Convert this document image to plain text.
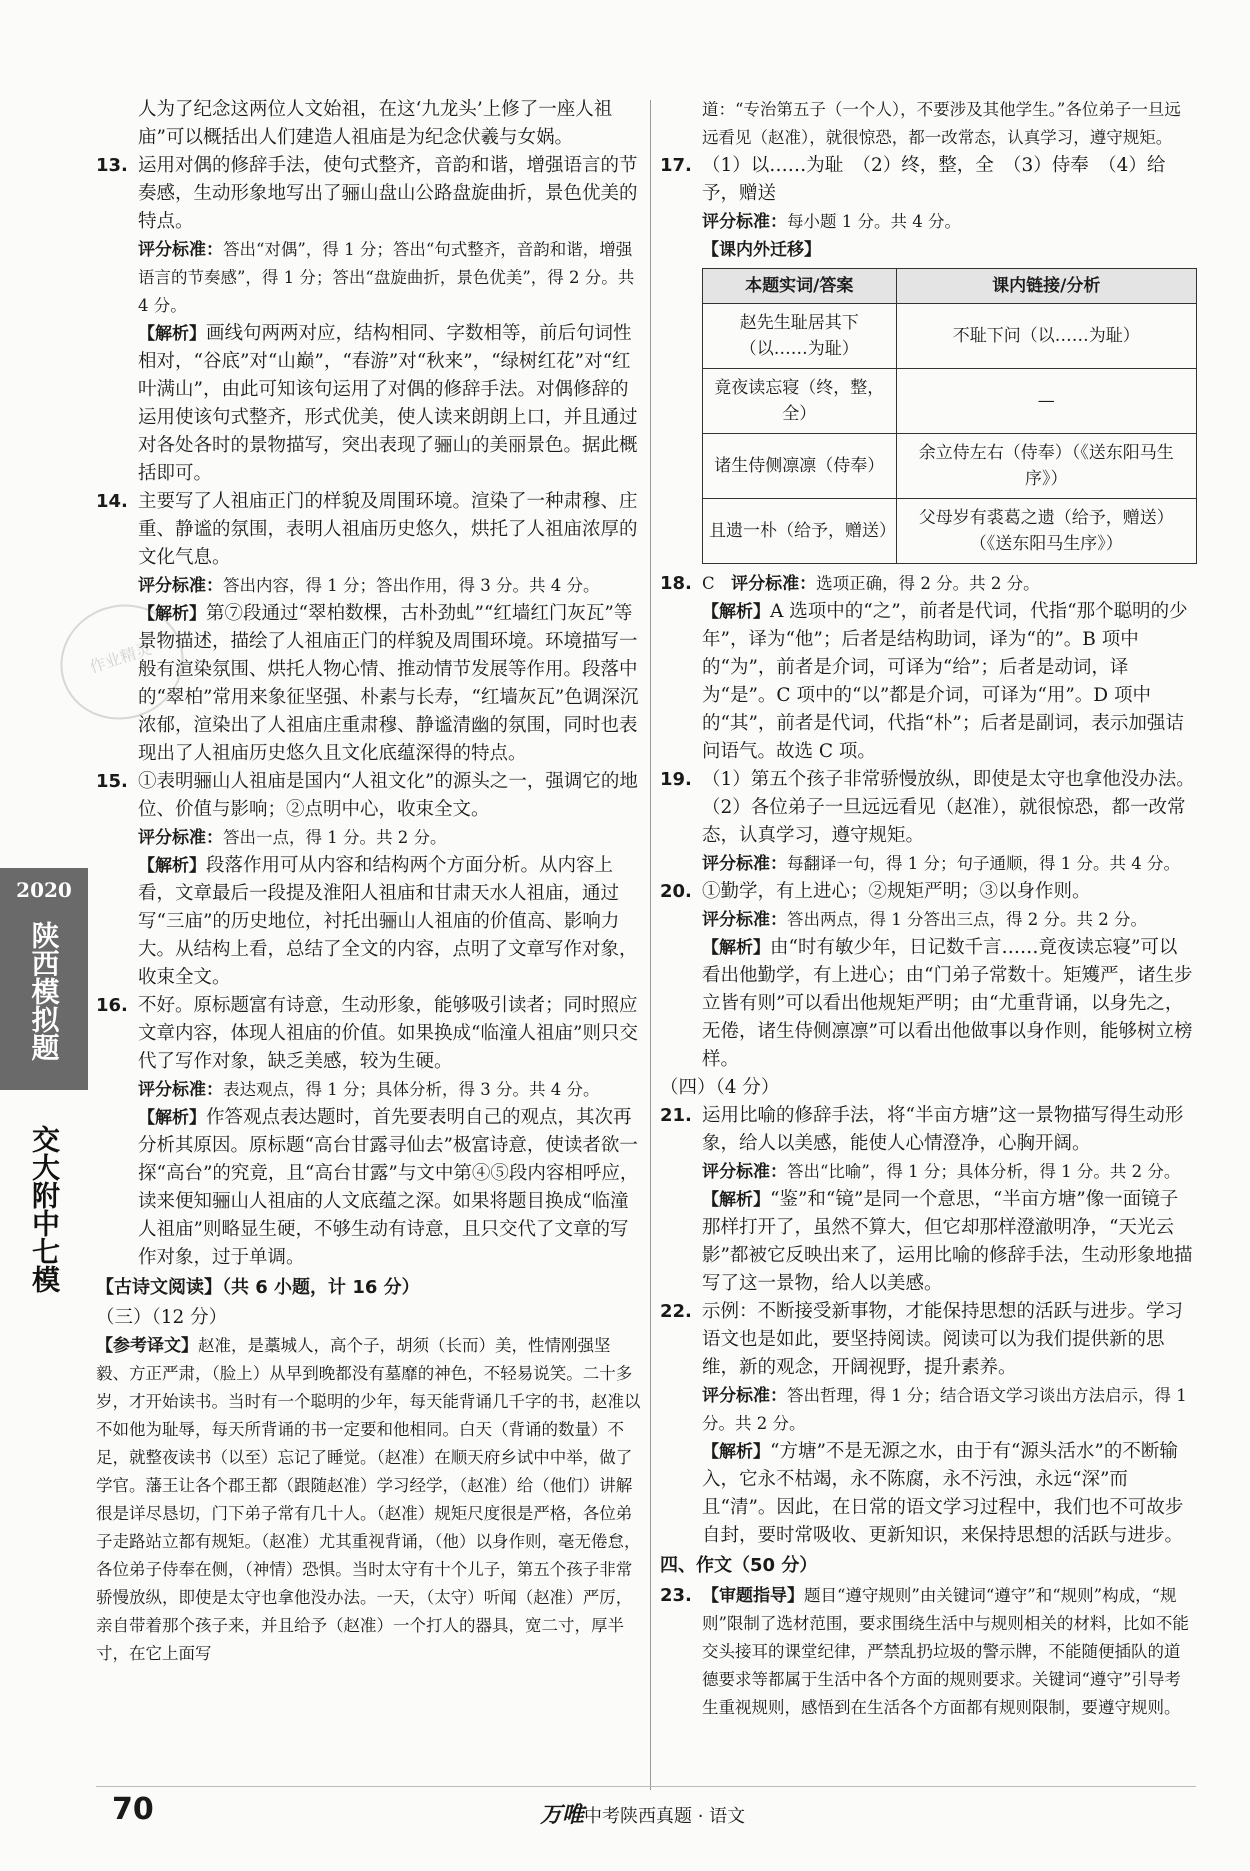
作业精灵

人为了纪念这两位人文始祖，在这‘九龙头’上修了一座人祖庙”可以概括出人们建造人祖庙是为纪念伏羲与女娲。

13. 运用对偶的修辞手法，使句式整齐，音韵和谐，增强语言的节奏感，生动形象地写出了骊山盘山公路盘旋曲折，景色优美的特点。

评分标准：答出“对偶”，得 1 分；答出“句式整齐，音韵和谐，增强语言的节奏感”，得 1 分；答出“盘旋曲折，景色优美”，得 2 分。共 4 分。

【解析】画线句两两对应，结构相同、字数相等，前后句词性相对，“谷底”对“山巅”，“春游”对“秋来”，“绿树红花”对“红叶满山”，由此可知该句运用了对偶的修辞手法。对偶修辞的运用使该句式整齐，形式优美，使人读来朗朗上口，并且通过对各处各时的景物描写，突出表现了骊山的美丽景色。据此概括即可。

14. 主要写了人祖庙正门的样貌及周围环境。渲染了一种肃穆、庄重、静谧的氛围，表明人祖庙历史悠久，烘托了人祖庙浓厚的文化气息。

评分标准：答出内容，得 1 分；答出作用，得 3 分。共 4 分。

【解析】第⑦段通过“翠柏数棵，古朴劲虬”“红墙红门灰瓦”等景物描述，描绘了人祖庙正门的样貌及周围环境。环境描写一般有渲染氛围、烘托人物心情、推动情节发展等作用。段落中的“翠柏”常用来象征坚强、朴素与长寿，“红墙灰瓦”色调深沉浓郁，渲染出了人祖庙庄重肃穆、静谧清幽的氛围，同时也表现出了人祖庙历史悠久且文化底蕴深得的特点。

15. ①表明骊山人祖庙是国内“人祖文化”的源头之一，强调它的地位、价值与影响；②点明中心，收束全文。

评分标准：答出一点，得 1 分。共 2 分。

【解析】段落作用可从内容和结构两个方面分析。从内容上看，文章最后一段提及淮阳人祖庙和甘肃天水人祖庙，通过写“三庙”的历史地位，衬托出骊山人祖庙的价值高、影响力大。从结构上看，总结了全文的内容，点明了文章写作对象，收束全文。

16. 不好。原标题富有诗意，生动形象，能够吸引读者；同时照应文章内容，体现人祖庙的价值。如果换成“临潼人祖庙”则只交代了写作对象，缺乏美感，较为生硬。

评分标准：表达观点，得 1 分；具体分析，得 3 分。共 4 分。

【解析】作答观点表达题时，首先要表明自己的观点，其次再分析其原因。原标题“高台甘露寻仙去”极富诗意，使读者欲一探“高台”的究竟，且“高台甘露”与文中第④⑤段内容相呼应，读来便知骊山人祖庙的人文底蕴之深。如果将题目换成“临潼人祖庙”则略显生硬，不够生动有诗意，且只交代了文章的写作对象，过于单调。

【古诗文阅读】（共 6 小题，计 16 分）

（三）（12 分）

【参考译文】赵准，是藁城人，高个子，胡须（长而）美，性情刚强坚毅、方正严肃，（脸上）从早到晚都没有墓靡的神色，不轻易说笑。二十多岁，才开始读书。当时有一个聪明的少年，每天能背诵几千字的书，赵准以不如他为耻辱，每天所背诵的书一定要和他相同。白天（背诵的数量）不足，就整夜读书（以至）忘记了睡觉。（赵准）在顺天府乡试中中举，做了学官。藩王让各个郡王都（跟随赵准）学习经学，（赵准）给（他们）讲解很是详尽恳切，门下弟子常有几十人。（赵准）规矩尺度很是严格，各位弟子走路站立都有规矩。（赵准）尤其重视背诵，（他）以身作则，毫无倦怠，各位弟子侍奉在侧，（神情）恐惧。当时太守有十个儿子，第五个孩子非常骄慢放纵，即使是太守也拿他没办法。一天，（太守）听闻（赵准）严厉，亲自带着那个孩子来，并且给予（赵准）一个打人的器具，宽二寸，厚半寸，在它上面写

道：“专治第五子（一个人），不要涉及其他学生。”各位弟子一旦远远看见（赵准），就很惊恐，都一改常态，认真学习，遵守规矩。

17. （1）以……为耻　（2）终，整，全　（3）侍奉　（4）给予，赠送

评分标准：每小题 1 分。共 4 分。

【课内外迁移】

本题实词/答案	课内链接/分析
赵先生耻居其下（以……为耻）	不耻下问（以……为耻）
竟夜读忘寝（终，整，全）	—
诸生侍侧凛凛（侍奉）	余立侍左右（侍奉）（《送东阳马生序》）
且遗一朴（给予，赠送）	父母岁有裘葛之遗（给予，赠送）（《送东阳马生序》）
18. C　评分标准：选项正确，得 2 分。共 2 分。

【解析】A 选项中的“之”，前者是代词，代指“那个聪明的少年”，译为“他”；后者是结构助词，译为“的”。B 项中的“为”，前者是介词，可译为“给”；后者是动词，译为“是”。C 项中的“以”都是介词，可译为“用”。D 项中的“其”，前者是代词，代指“朴”；后者是副词，表示加强诘问语气。故选 C 项。

19. （1）第五个孩子非常骄慢放纵，即使是太守也拿他没办法。

（2）各位弟子一旦远远看见（赵准），就很惊恐，都一改常态，认真学习，遵守规矩。

评分标准：每翻译一句，得 1 分；句子通顺，得 1 分。共 4 分。

20. ①勤学，有上进心；②规矩严明；③以身作则。

评分标准：答出两点，得 1 分答出三点，得 2 分。共 2 分。

【解析】由“时有敏少年，日记数千言……竟夜读忘寝”可以看出他勤学，有上进心；由“门弟子常数十。矩矱严，诸生步立皆有则”可以看出他规矩严明；由“尤重背诵，以身先之，无倦，诸生侍侧凛凛”可以看出他做事以身作则，能够树立榜样。

（四）（4 分）

21. 运用比喻的修辞手法，将“半亩方塘”这一景物描写得生动形象，给人以美感，能使人心情澄净，心胸开阔。

评分标准：答出“比喻”，得 1 分；具体分析，得 1 分。共 2 分。

【解析】“鉴”和“镜”是同一个意思，“半亩方塘”像一面镜子那样打开了，虽然不算大，但它却那样澄澈明净，“天光云影”都被它反映出来了，运用比喻的修辞手法，生动形象地描写了这一景物，给人以美感。

22. 示例：不断接受新事物，才能保持思想的活跃与进步。学习语文也是如此，要坚持阅读。阅读可以为我们提供新的思维，新的观念，开阔视野，提升素养。

评分标准：答出哲理，得 1 分；结合语文学习谈出方法启示，得 1 分。共 2 分。

【解析】“方塘”不是无源之水，由于有“源头活水”的不断输入，它永不枯竭，永不陈腐，永不污浊，永远“深”而且“清”。因此，在日常的语文学习过程中，我们也不可故步自封，要时常吸收、更新知识，来保持思想的活跃与进步。

四、作文（50 分）

23. 【审题指导】题目“遵守规则”由关键词“遵守”和“规则”构成，“规则”限制了选材范围，要求围绕生活中与规则相关的材料，比如不能交头接耳的课堂纪律，严禁乱扔垃圾的警示牌，不能随便插队的道德要求等都属于生活中各个方面的规则要求。关键词“遵守”引导考生重视规则，感悟到在生活各个方面都有规则限制，要遵守规则。

2020
陕西模拟题
交大附中七模
70	万唯中考陕西真题 · 语文
